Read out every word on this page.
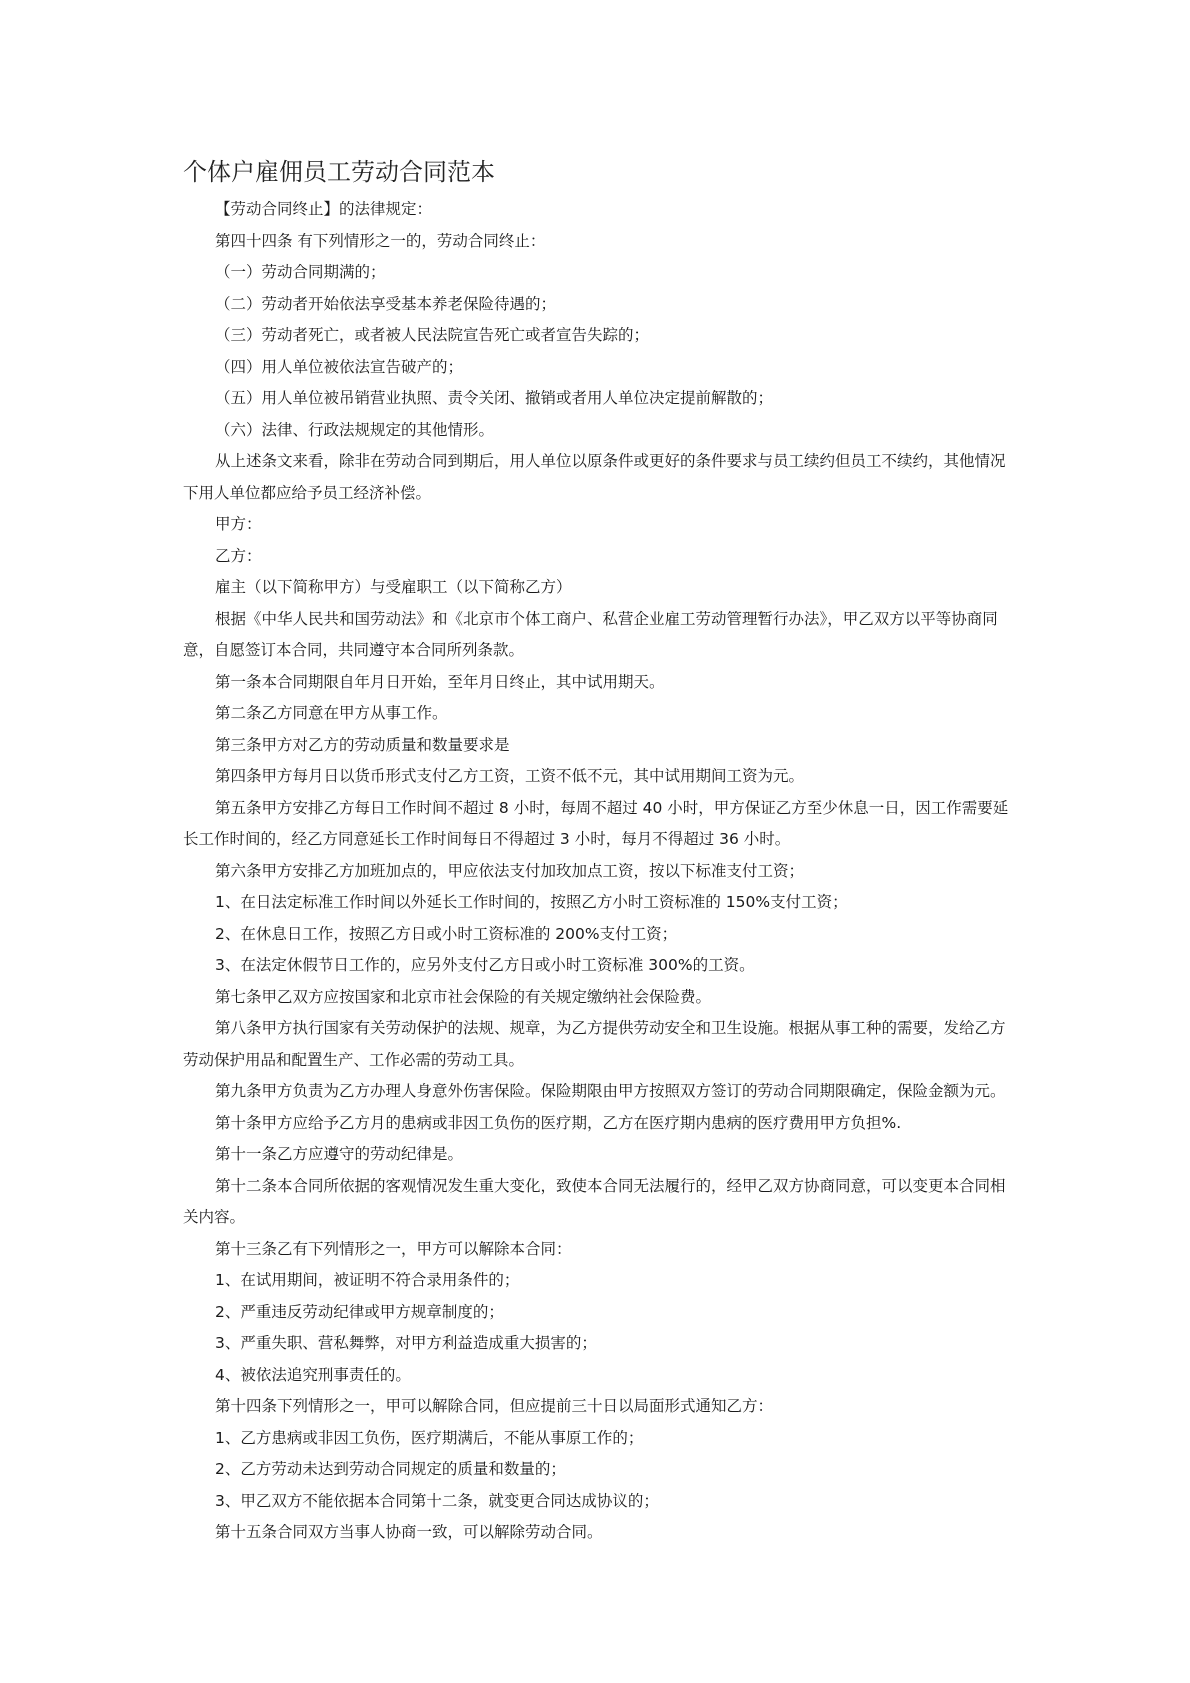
个体户雇佣员工劳动合同范本

【劳动合同终止】的法律规定：

第四十四条 有下列情形之一的，劳动合同终止：

（一）劳动合同期满的；

（二）劳动者开始依法享受基本养老保险待遇的；

（三）劳动者死亡，或者被人民法院宣告死亡或者宣告失踪的；

（四）用人单位被依法宣告破产的；

（五）用人单位被吊销营业执照、责令关闭、撤销或者用人单位决定提前解散的；

（六）法律、行政法规规定的其他情形。

从上述条文来看，除非在劳动合同到期后，用人单位以原条件或更好的条件要求与员工续约但员工不续约，其他情况下用人单位都应给予员工经济补偿。

甲方：

乙方：

雇主（以下简称甲方）与受雇职工（以下简称乙方）

根据《中华人民共和国劳动法》和《北京市个体工商户、私营企业雇工劳动管理暂行办法》，甲乙双方以平等协商同意，自愿签订本合同，共同遵守本合同所列条款。

第一条本合同期限自年月日开始，至年月日终止，其中试用期天。

第二条乙方同意在甲方从事工作。

第三条甲方对乙方的劳动质量和数量要求是

第四条甲方每月日以货币形式支付乙方工资，工资不低不元，其中试用期间工资为元。

第五条甲方安排乙方每日工作时间不超过 8 小时，每周不超过 40 小时，甲方保证乙方至少休息一日，因工作需要延长工作时间的，经乙方同意延长工作时间每日不得超过 3 小时，每月不得超过 36 小时。

第六条甲方安排乙方加班加点的，甲应依法支付加玫加点工资，按以下标准支付工资；

1、在日法定标准工作时间以外延长工作时间的，按照乙方小时工资标准的 150%支付工资；

2、在休息日工作，按照乙方日或小时工资标准的 200%支付工资；

3、在法定休假节日工作的，应另外支付乙方日或小时工资标准 300%的工资。

第七条甲乙双方应按国家和北京市社会保险的有关规定缴纳社会保险费。

第八条甲方执行国家有关劳动保护的法规、规章，为乙方提供劳动安全和卫生设施。根据从事工种的需要，发给乙方劳动保护用品和配置生产、工作必需的劳动工具。

第九条甲方负责为乙方办理人身意外伤害保险。保险期限由甲方按照双方签订的劳动合同期限确定，保险金额为元。

第十条甲方应给予乙方月的患病或非因工负伤的医疗期，乙方在医疗期内患病的医疗费用甲方负担%.

第十一条乙方应遵守的劳动纪律是。

第十二条本合同所依据的客观情况发生重大变化，致使本合同无法履行的，经甲乙双方协商同意，可以变更本合同相关内容。

第十三条乙有下列情形之一，甲方可以解除本合同：

1、在试用期间，被证明不符合录用条件的；

2、严重违反劳动纪律或甲方规章制度的；

3、严重失职、营私舞弊，对甲方利益造成重大损害的；

4、被依法追究刑事责任的。

第十四条下列情形之一，甲可以解除合同，但应提前三十日以局面形式通知乙方：

1、乙方患病或非因工负伤，医疗期满后，不能从事原工作的；

2、乙方劳动未达到劳动合同规定的质量和数量的；

3、甲乙双方不能依据本合同第十二条，就变更合同达成协议的；

第十五条合同双方当事人协商一致，可以解除劳动合同。
